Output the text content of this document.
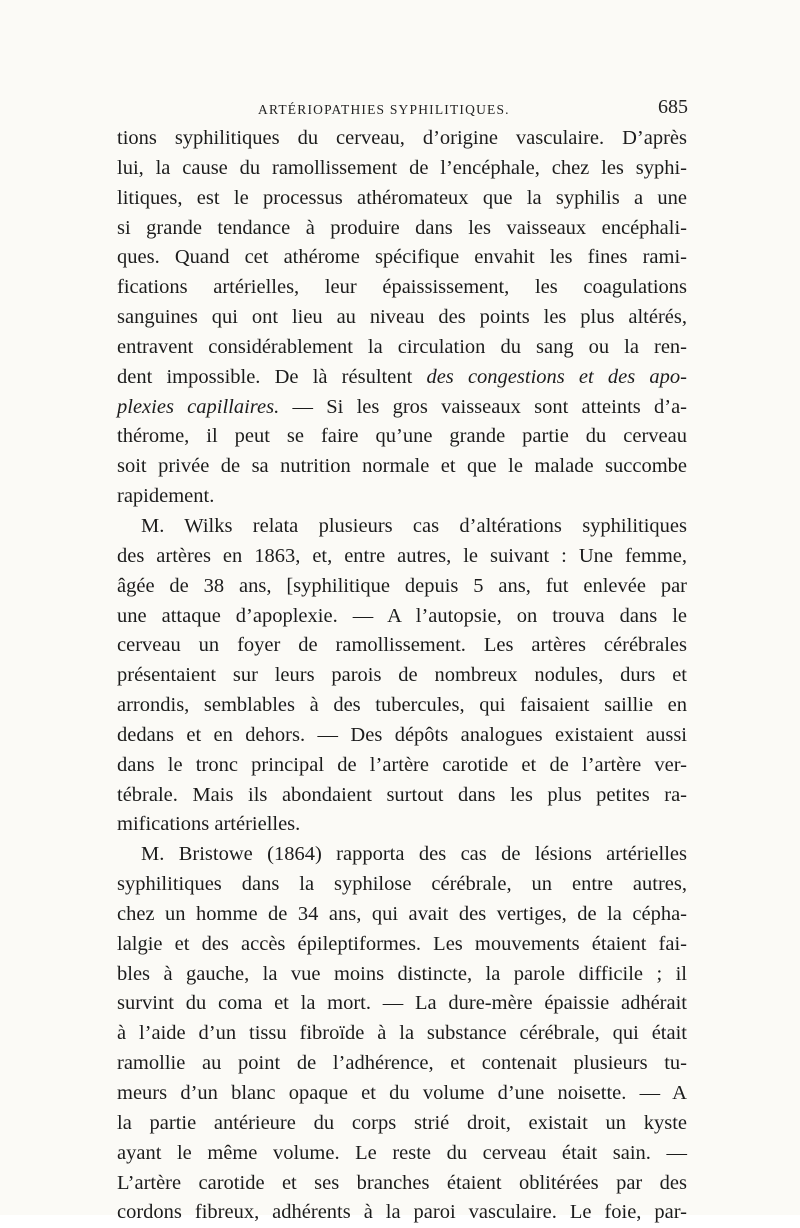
ARTÉRIOPATHIES SYPHILITIQUES.	685
tions syphilitiques du cerveau, d’origine vasculaire. D’après
lui, la cause du ramollissement de l’encéphale, chez les syphi-
litiques, est le processus athéromateux que la syphilis a une
si grande tendance à produire dans les vaisseaux encéphali-
ques. Quand cet athérome spécifique envahit les fines rami-
fications artérielles, leur épaississement, les coagulations
sanguines qui ont lieu au niveau des points les plus altérés,
entravent considérablement la circulation du sang ou la ren-
dent impossible. De là résultent des congestions et des apo-
plexies capillaires. — Si les gros vaisseaux sont atteints d’a-
thérome, il peut se faire qu’une grande partie du cerveau
soit privée de sa nutrition normale et que le malade succombe
rapidement.
M. Wilks relata plusieurs cas d’altérations syphilitiques
des artères en 1863, et, entre autres, le suivant : Une femme,
âgée de 38 ans, [syphilitique depuis 5 ans, fut enlevée par
une attaque d’apoplexie. — A l’autopsie, on trouva dans le
cerveau un foyer de ramollissement. Les artères cérébrales
présentaient sur leurs parois de nombreux nodules, durs et
arrondis, semblables à des tubercules, qui faisaient saillie en
dedans et en dehors. — Des dépôts analogues existaient aussi
dans le tronc principal de l’artère carotide et de l’artère ver-
tébrale. Mais ils abondaient surtout dans les plus petites ra-
mifications artérielles.
M. Bristowe (1864) rapporta des cas de lésions artérielles
syphilitiques dans la syphilose cérébrale, un entre autres,
chez un homme de 34 ans, qui avait des vertiges, de la cépha-
lalgie et des accès épileptiformes. Les mouvements étaient fai-
bles à gauche, la vue moins distincte, la parole difficile ; il
survint du coma et la mort. — La dure-mère épaissie adhérait
à l’aide d’un tissu fibroïde à la substance cérébrale, qui était
ramollie au point de l’adhérence, et contenait plusieurs tu-
meurs d’un blanc opaque et du volume d’une noisette. — A
la partie antérieure du corps strié droit, existait un kyste
ayant le même volume. Le reste du cerveau était sain. —
L’artère carotide et ses branches étaient oblitérées par des
cordons fibreux, adhérents à la paroi vasculaire. Le foie, par-
